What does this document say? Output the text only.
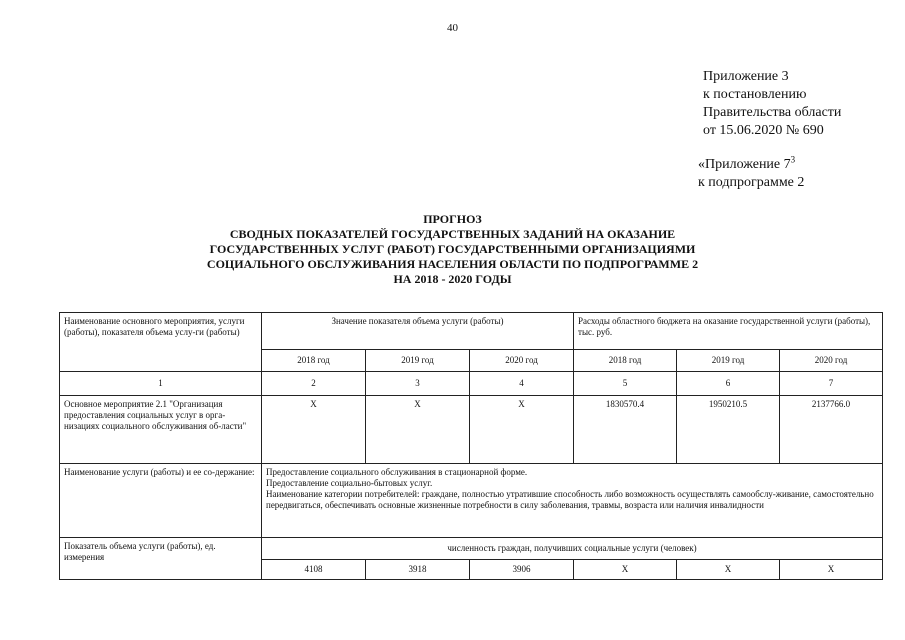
40
Приложение 3
к постановлению
Правительства области
от 15.06.2020 № 690
«Приложение $7^3$
к подпрограмме 2
ПРОГНОЗ
СВОДНЫХ ПОКАЗАТЕЛЕЙ ГОСУДАРСТВЕННЫХ ЗАДАНИЙ НА ОКАЗАНИЕ
ГОСУДАРСТВЕННЫХ УСЛУГ (РАБОТ) ГОСУДАРСТВЕННЫМИ ОРГАНИЗАЦИЯМИ
СОЦИАЛЬНОГО ОБСЛУЖИВАНИЯ НАСЕЛЕНИЯ ОБЛАСТИ ПО ПОДПРОГРАММЕ 2
НА 2018 - 2020 ГОДЫ
Наименование основного мероприятия, услуги (работы), показателя объема услу-ги (работы)	Значение показателя объема услуги (работы)			Расходы областного бюджета на оказание государственной услуги (работы), тыс. руб.		
	2018 год	2019 год	2020 год	2018 год	2019 год	2020 год
1	2	3	4	5	6	7
Основное мероприятие 2.1 "Организация предоставления социальных услуг в орга-низациях социального обслуживания об-ласти"	X	X	X	1830570.4	1950210.5	2137766.0
Наименование услуги (работы) и ее со-держание:	Предоставление социального обслуживания в стационарной форме.
Предоставление социально-бытовых услуг.
Наименование категории потребителей: граждане, полностью утратившие способность либо возможность осуществлять самообслу-живание, самостоятельно передвигаться, обеспечивать основные жизненные потребности в силу заболевания, травмы, возраста или наличия инвалидности					

Показатель объема услуги (работы), ед. измерения	численность граждан, получивших социальные услуги (человек)					
	4108	3918	3906	X	X	X
